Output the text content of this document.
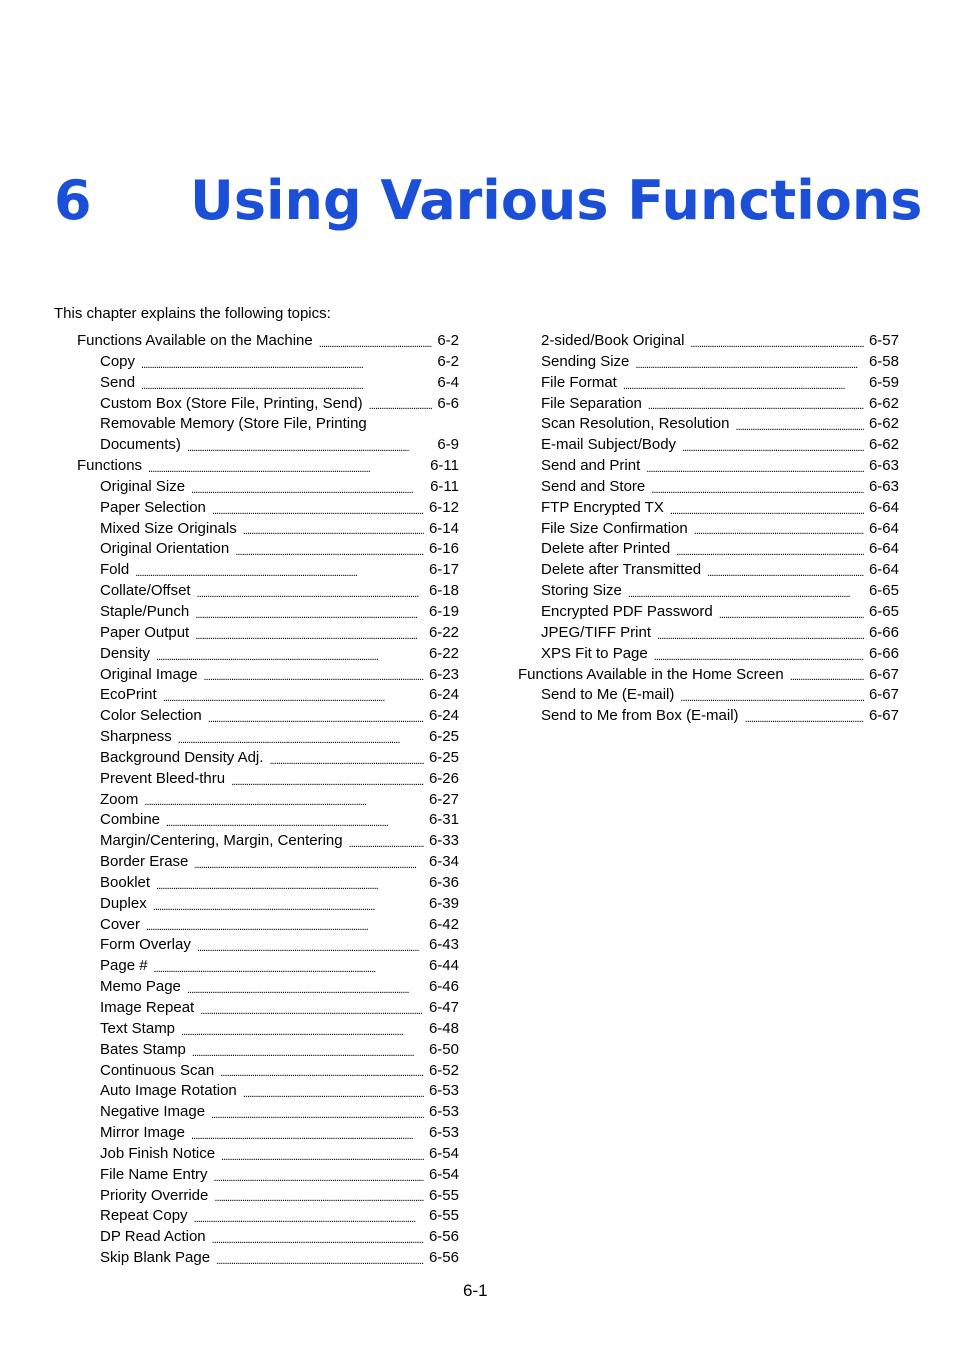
6 Using Various Functions
This chapter explains the following topics:
Functions Available on the Machine . . .	6-2
Copy . . .	6-2
Send . . .	6-4
Custom Box (Store File, Printing, Send) . . .	6-6
Removable Memory (Store File, Printing
Documents) . . .	6-9
Functions . . .	6-11
Original Size . . .	6-11
Paper Selection . . .	6-12
Mixed Size Originals . . .	6-14
Original Orientation . . .	6-16
Fold . . .	6-17
Collate/Offset . . .	6-18
Staple/Punch . . .	6-19
Paper Output . . .	6-22
Density . . .	6-22
Original Image . . .	6-23
EcoPrint . . .	6-24
Color Selection . . .	6-24
Sharpness . . .	6-25
Background Density Adj. . . .	6-25
Prevent Bleed-thru . . .	6-26
Zoom . . .	6-27
Combine . . .	6-31
Margin/Centering, Margin, Centering . . .	6-33
Border Erase . . .	6-34
Booklet . . .	6-36
Duplex . . .	6-39
Cover . . .	6-42
Form Overlay . . .	6-43
Page # . . .	6-44
Memo Page . . .	6-46
Image Repeat . . .	6-47
Text Stamp . . .	6-48
Bates Stamp . . .	6-50
Continuous Scan . . .	6-52
Auto Image Rotation . . .	6-53
Negative Image . . .	6-53
Mirror Image . . .	6-53
Job Finish Notice . . .	6-54
File Name Entry . . .	6-54
Priority Override . . .	6-55
Repeat Copy . . .	6-55
DP Read Action . . .	6-56
Skip Blank Page . . .	6-56
2-sided/Book Original . . .	6-57
Sending Size . . .	6-58
File Format . . .	6-59
File Separation . . .	6-62
Scan Resolution, Resolution . . .	6-62
E-mail Subject/Body . . .	6-62
Send and Print . . .	6-63
Send and Store . . .	6-63
FTP Encrypted TX . . .	6-64
File Size Confirmation . . .	6-64
Delete after Printed . . .	6-64
Delete after Transmitted . . .	6-64
Storing Size . . .	6-65
Encrypted PDF Password . . .	6-65
JPEG/TIFF Print . . .	6-66
XPS Fit to Page . . .	6-66
Functions Available in the Home Screen . . .	6-67
Send to Me (E-mail) . . .	6-67
Send to Me from Box (E-mail) . . .	6-67
6-1
